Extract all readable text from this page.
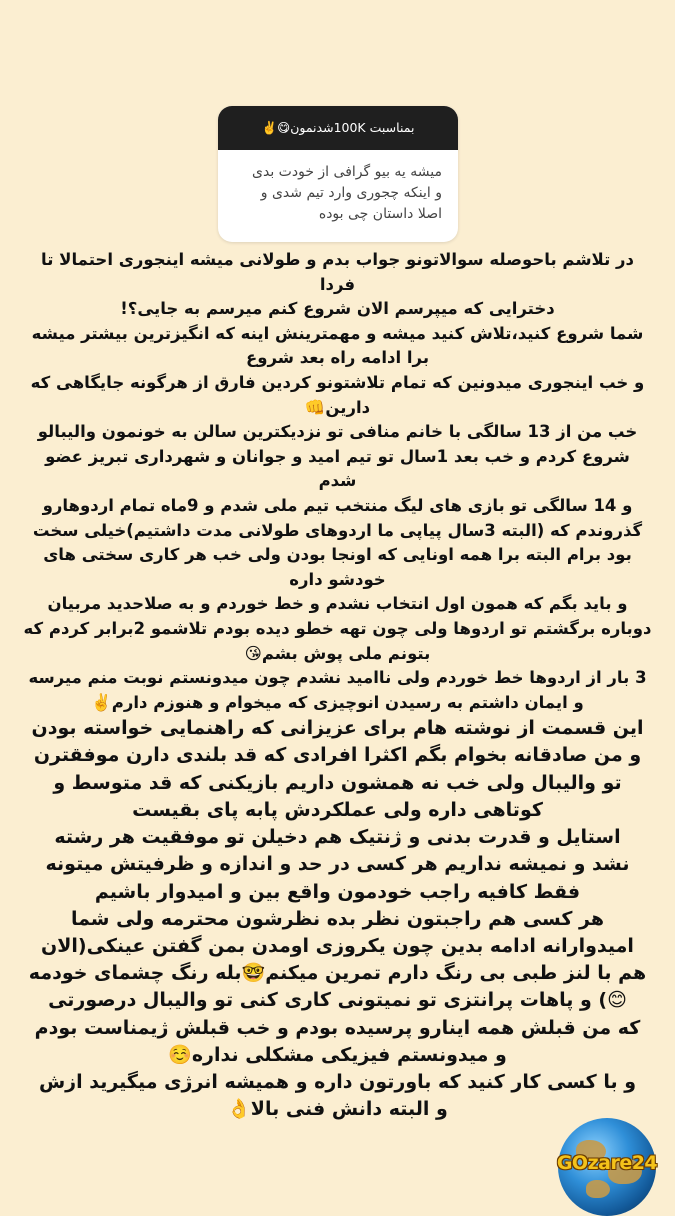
بمناسبت 100Kشدنمون😋✌️
میشه یه بیو گرافی از خودت بدی
و اینکه چجوری وارد تیم شدی و
اصلا داستان چی بوده

در تلاشم باحوصله سوالاتونو جواب بدم و طولانی میشه اینجوری احتمالا تا
فردا

دخترایی که میپرسم الان شروع کنم میرسم به جایی؟!

شما شروع کنید،تلاش کنید میشه و مهمترینش اینه که انگیزترین بیشتر میشه
برا ادامه راه بعد شروع

و خب اینجوری میدونین که تمام تلاشتونو کردین فارق از هرگونه جایگاهی که
دارین👊

خب من از 13 سالگی با خانم منافی تو نزدیکترین سالن به خونمون والیبالو
شروع کردم و خب بعد 1سال تو تیم امید و جوانان و شهرداری تبریز عضو
شدم

و 14 سالگی تو بازی های لیگ منتخب تیم ملی شدم و 9ماه تمام اردوهارو
گذروندم که (البته 3سال پیاپی ما اردوهای طولانی مدت داشتیم)خیلی سخت
بود برام البته برا همه اونایی که اونجا بودن ولی خب هر کاری سختی های
خودشو داره

و باید بگم که همون اول انتخاب نشدم و خط خوردم و به صلاحدید مربیان
دوباره برگشتم تو اردوها ولی چون تهه خطو دیده بودم تلاشمو 2برابر کردم که
بتونم ملی پوش بشم😘

3 بار از اردوها خط خوردم ولی ناامید نشدم چون میدونستم نوبت منم میرسه
و ایمان داشتم به رسیدن انوچیزی که میخوام و هنوزم دارم✌️

این قسمت از نوشته هام برای عزیزانی که راهنمایی خواسته بودن
و من صادقانه بخوام بگم اکثرا افرادی که قد بلندی دارن موفقترن
تو والیبال ولی خب نه همشون داریم بازیکنی که قد متوسط و
کوتاهی داره ولی عملکردش پابه پای بقیست

استایل و قدرت بدنی و ژنتیک هم دخیلن تو موفقیت هر رشته
نشد و نمیشه نداریم هر کسی در حد و اندازه و ظرفیتش میتونه
فقط کافیه راجب خودمون واقع بین و امیدوار باشیم

هر کسی هم راجبتون نظر بده نظرشون محترمه ولی شما
امیدوارانه ادامه بدین چون یکروزی اومدن بمن گفتن عینکی(الان
هم با لنز طبی بی رنگ دارم تمرین میکنم🤓بله رنگ چشمای خودمه
😊) و پاهات پرانتزی تو نمیتونی کاری کنی تو والیبال درصورتی
که من قبلش همه اینارو پرسیده بودم و خب قبلش ژیمناست بودم
و میدونستم فیزیکی مشکلی نداره☺️

و با کسی کار کنید که باورتون داره و همیشه انرژی میگیرید ازش
و البته دانش فنی بالا👌

GOzare24
